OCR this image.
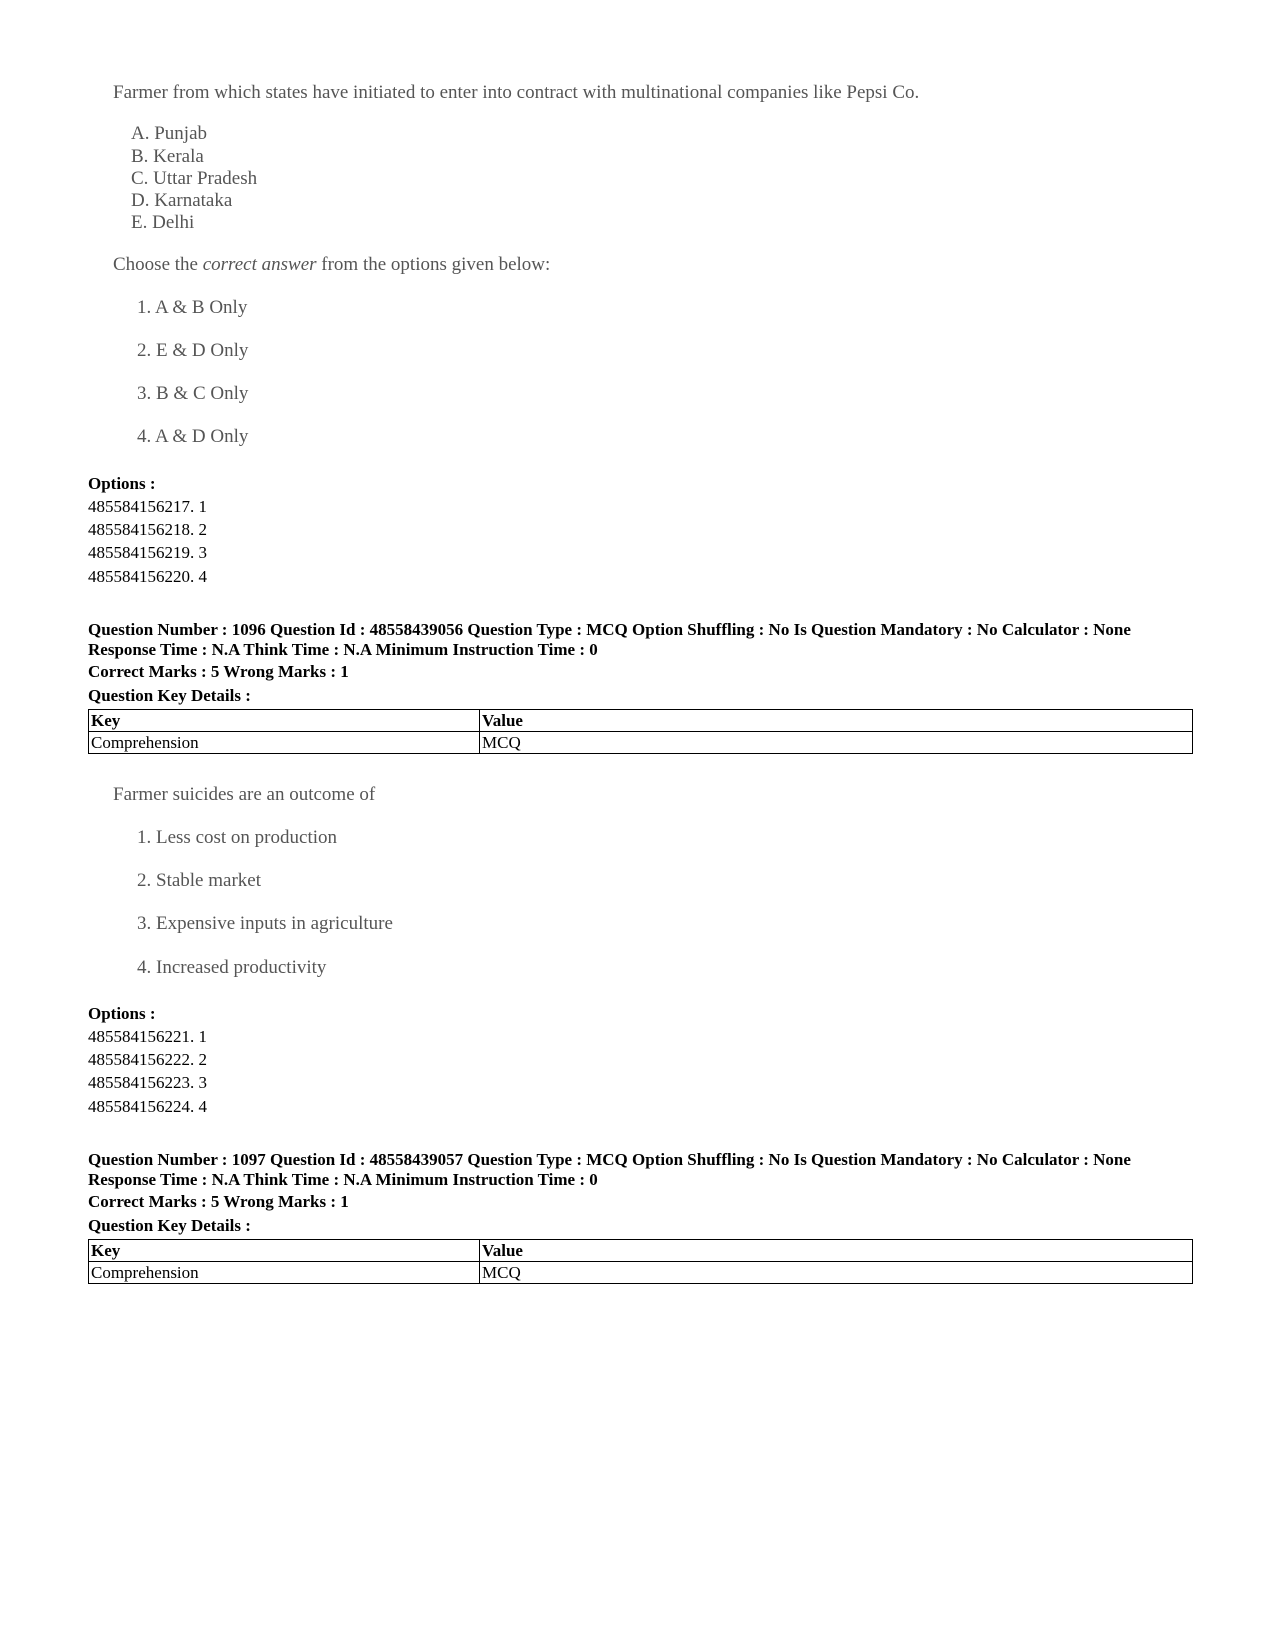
Farmer from which states have initiated to enter into contract with multinational companies like Pepsi Co.
A. Punjab
B. Kerala
C. Uttar Pradesh
D. Karnataka
E. Delhi
Choose the correct answer from the options given below:
1. A & B Only
2. E & D Only
3. B & C Only
4. A & D Only
Options :
485584156217. 1
485584156218. 2
485584156219. 3
485584156220. 4
Question Number : 1096 Question Id : 48558439056 Question Type : MCQ Option Shuffling : No Is Question Mandatory : No Calculator : None
Response Time : N.A Think Time : N.A Minimum Instruction Time : 0
Correct Marks : 5 Wrong Marks : 1
Question Key Details :
Key	Value
Comprehension	MCQ
Farmer suicides are an outcome of
1. Less cost on production
2. Stable market
3. Expensive inputs in agriculture
4. Increased productivity
Options :
485584156221. 1
485584156222. 2
485584156223. 3
485584156224. 4
Question Number : 1097 Question Id : 48558439057 Question Type : MCQ Option Shuffling : No Is Question Mandatory : No Calculator : None
Response Time : N.A Think Time : N.A Minimum Instruction Time : 0
Correct Marks : 5 Wrong Marks : 1
Question Key Details :
Key	Value
Comprehension	MCQ
